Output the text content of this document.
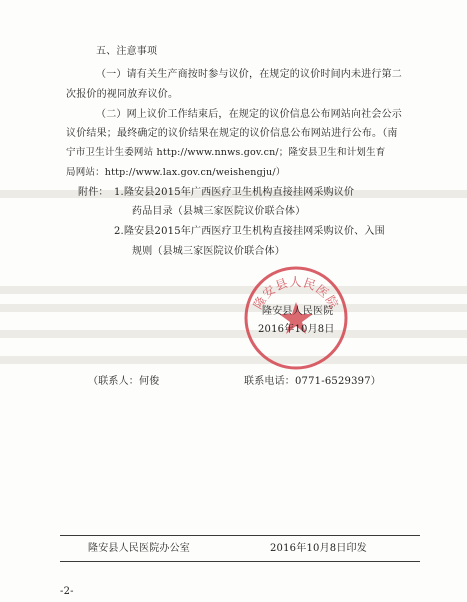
五、注意事项
（一）请有关生产商按时参与议价，在规定的议价时间内未进行第二
次报价的视同放弃议价。
（二）网上议价工作结束后，在规定的议价信息公布网站向社会公示
议价结果；最终确定的议价结果在规定的议价信息公布网站进行公布。（南
宁市卫生计生委网站 http://www.nnws.gov.cn/；隆安县卫生和计划生育
局网站：http://www.lax.gov.cn/weishengju/）
附件： 1.隆安县2015年广西医疗卫生机构直接挂网采购议价
药品目录（县城三家医院议价联合体）
2.隆安县2015年广西医疗卫生机构直接挂网采购议价、入围
规则（县城三家医院议价联合体）
隆安县人民医院
隆安县人民医院
2016年10月8日
（联系人：何俊	联系电话：0771-6529397）
隆安县人民医院办公室	2016年10月8日印发
-2-
